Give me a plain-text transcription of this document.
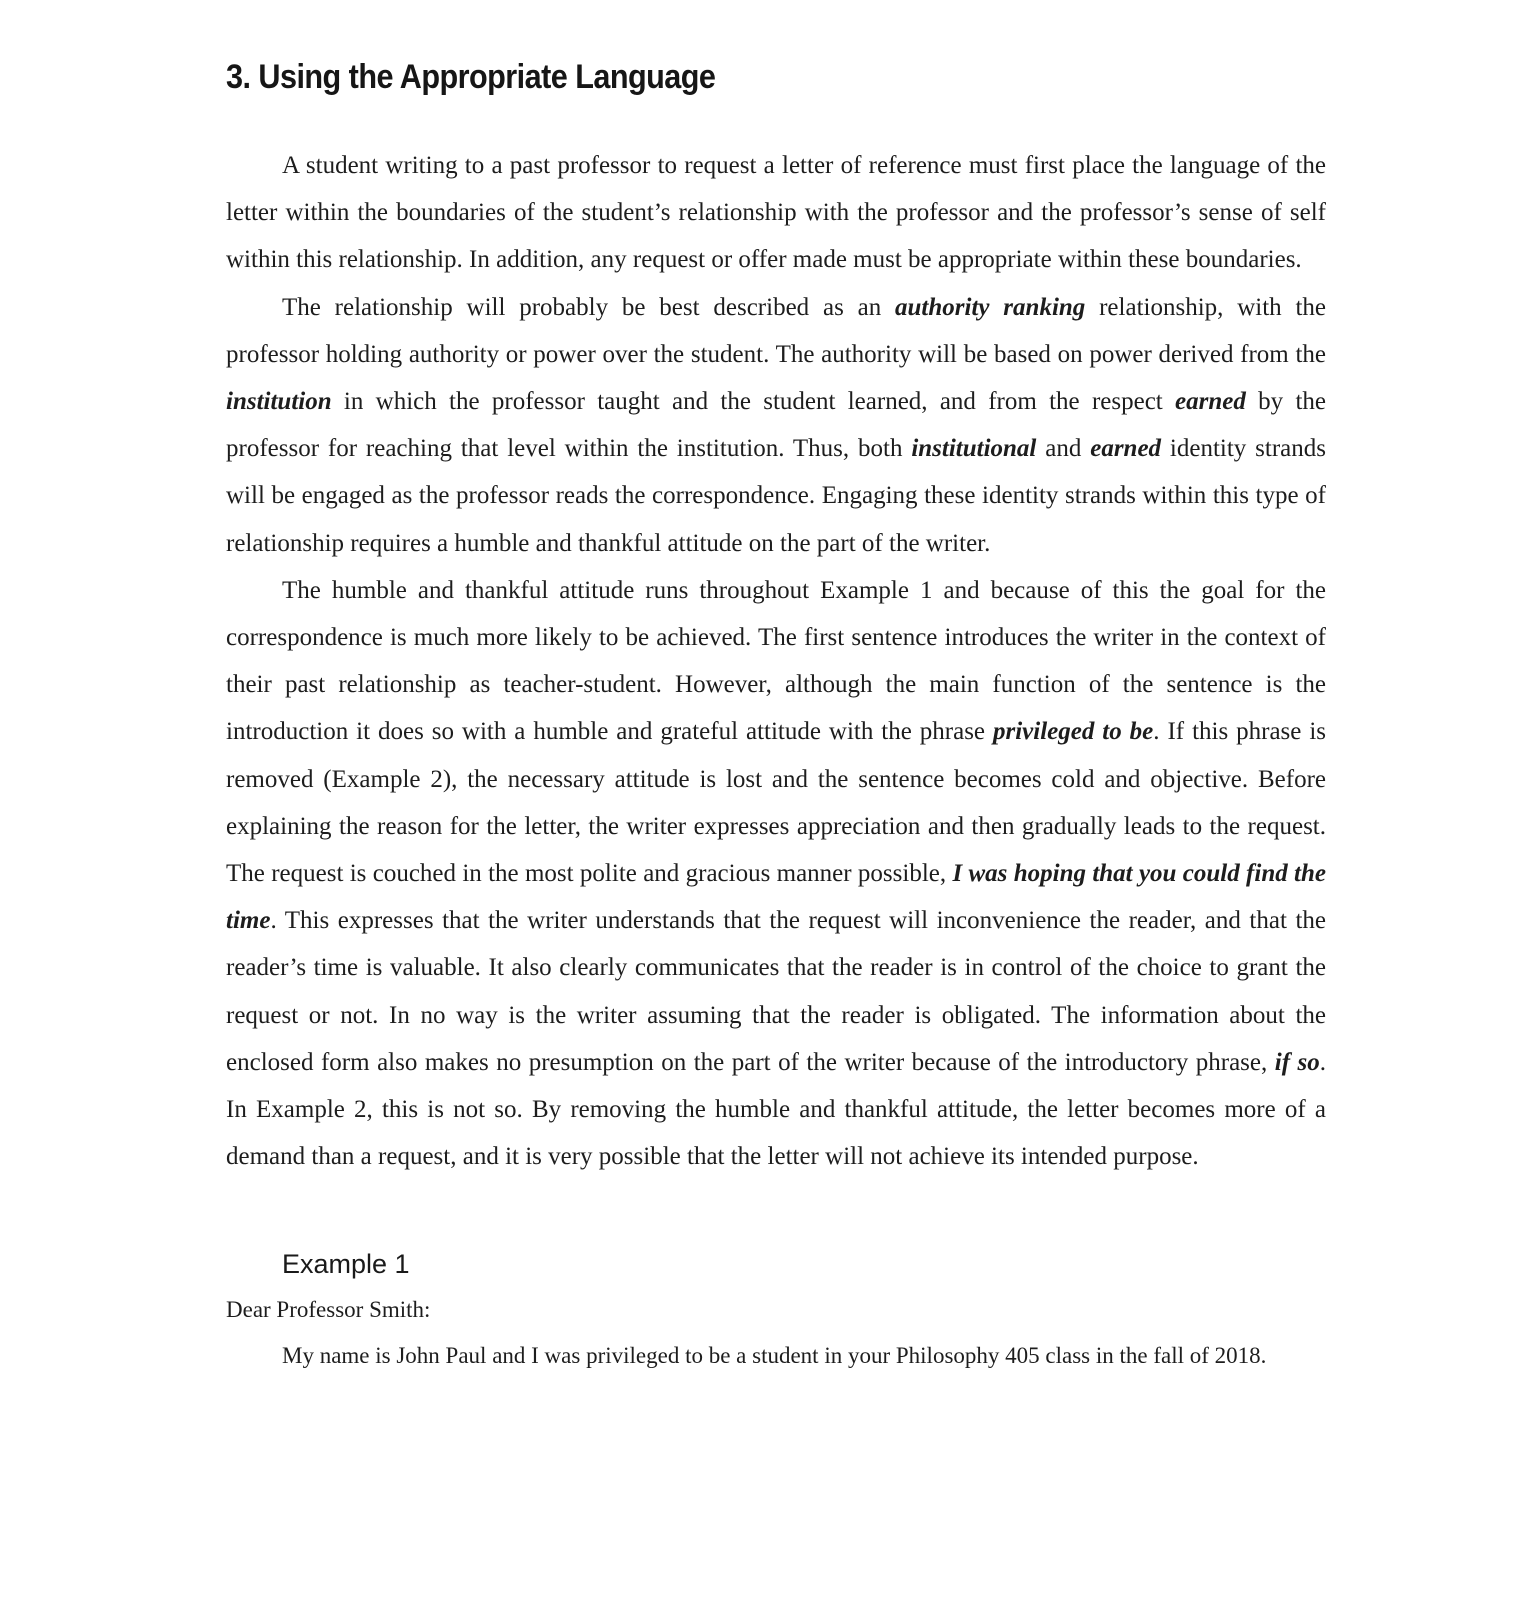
3. Using the Appropriate Language

A student writing to a past professor to request a letter of reference must first place the language of the letter within the boundaries of the student’s relationship with the professor and the professor’s sense of self within this relationship. In addition, any request or offer made must be appropriate within these boundaries.

The relationship will probably be best described as an authority ranking relationship, with the professor holding authority or power over the student. The authority will be based on power derived from the institution in which the professor taught and the student learned, and from the respect earned by the professor for reaching that level within the institution. Thus, both institutional and earned identity strands will be engaged as the professor reads the correspondence. Engaging these identity strands within this type of relationship requires a humble and thankful attitude on the part of the writer.

The humble and thankful attitude runs throughout Example 1 and because of this the goal for the correspondence is much more likely to be achieved. The first sentence introduces the writer in the context of their past relationship as teacher-student. However, although the main function of the sentence is the introduction it does so with a humble and grateful attitude with the phrase privileged to be. If this phrase is removed (Example 2), the necessary attitude is lost and the sentence becomes cold and objective. Before explaining the reason for the letter, the writer expresses appreciation and then gradually leads to the request. The request is couched in the most polite and gracious manner possible, I was hoping that you could find the time. This expresses that the writer understands that the request will inconvenience the reader, and that the reader’s time is valuable. It also clearly communicates that the reader is in control of the choice to grant the request or not. In no way is the writer assuming that the reader is obligated. The information about the enclosed form also makes no presumption on the part of the writer because of the introductory phrase, if so. In Example 2, this is not so. By removing the humble and thankful attitude, the letter becomes more of a demand than a request, and it is very possible that the letter will not achieve its intended purpose.

Example 1

Dear Professor Smith:

My name is John Paul and I was privileged to be a student in your Philosophy 405 class in the fall of 2018.
